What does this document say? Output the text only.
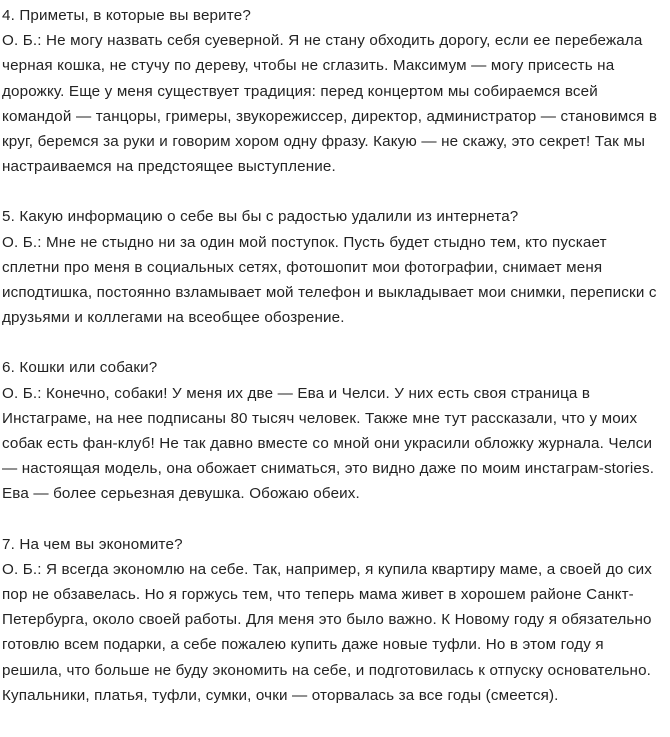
4. Приметы, в которые вы верите?

О. Б.: Не могу назвать себя суеверной. Я не стану обходить дорогу, если ее перебежала черная кошка, не стучу по дереву, чтобы не сглазить. Максимум — могу присесть на дорожку. Еще у меня существует традиция: перед концертом мы собираемся всей командой — танцоры, гримеры, звукорежиссер, директор, администратор — становимся в круг, беремся за руки и говорим хором одну фразу. Какую — не скажу, это секрет! Так мы настраиваемся на предстоящее выступление.

5. Какую информацию о себе вы бы с радостью удалили из интернета?

О. Б.: Мне не стыдно ни за один мой поступок. Пусть будет стыдно тем, кто пускает сплетни про меня в социальных сетях, фотошопит мои фотографии, снимает меня исподтишка, постоянно взламывает мой телефон и выкладывает мои снимки, переписки с друзьями и коллегами на всеобщее обозрение.

6. Кошки или собаки?

О. Б.: Конечно, собаки! У меня их две — Ева и Челси. У них есть своя страница в Инстаграме, на нее подписаны 80 тысяч человек. Также мне тут рассказали, что у моих собак есть фан-клуб! Не так давно вместе со мной они украсили обложку журнала. Челси — настоящая модель, она обожает сниматься, это видно даже по моим инстаграм-stories. Ева — более серьезная девушка. Обожаю обеих.

7. На чем вы экономите?

О. Б.: Я всегда экономлю на себе. Так, например, я купила квартиру маме, а своей до сих пор не обзавелась. Но я горжусь тем, что теперь мама живет в хорошем районе Санкт-Петербурга, около своей работы. Для меня это было важно. К Новому году я обязательно готовлю всем подарки, а себе пожалею купить даже новые туфли. Но в этом году я решила, что больше не буду экономить на себе, и подготовилась к отпуску основательно. Купальники, платья, туфли, сумки, очки — оторвалась за все годы (смеется).
